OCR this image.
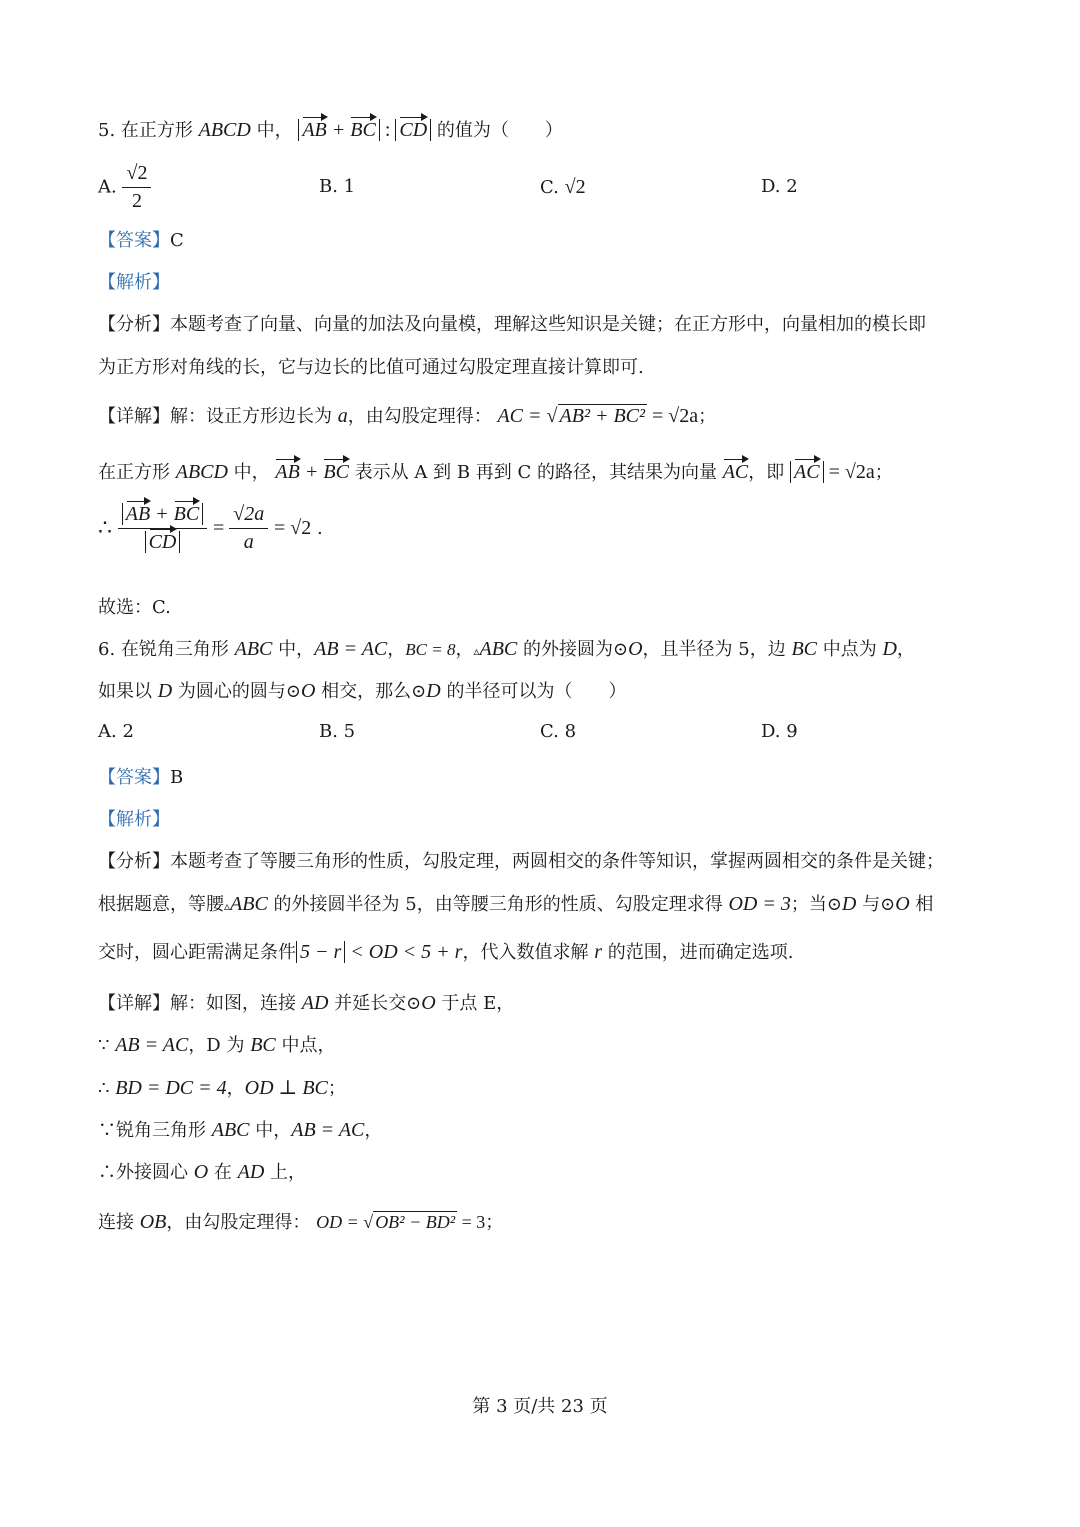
5. 在正方形 ABCD 中， AB + BC : CD 的值为（　　）
A. $\frac{√2}{2}$	B. 1	C. √2	D. 2
【答案】C
【解析】
【分析】本题考查了向量、向量的加法及向量模，理解这些知识是关键；在正方形中，向量相加的模长即
为正方形对角线的长，它与边长的比值可通过勾股定理直接计算即可.
【详解】解：设正方形边长为 a，由勾股定理得： AC = √ AB² + BC² = √2a；
在正方形 ABCD 中， AB + BC 表示从 A 到 B 再到 C 的路径，其结果为向量 AC，即 AC = √2a；
∴ $\frac{AB + BC}{CD} = \frac{√2a}{a} = √2$ .
故选：C.
6. 在锐角三角形 ABC 中，AB = AC，BC = 8，▵ABC 的外接圆为⊙O，且半径为 5，边 BC 中点为 D，
如果以 D 为圆心的圆与⊙O 相交，那么⊙D 的半径可以为（　　）
A. 2	B. 5	C. 8	D. 9
【答案】B
【解析】
【分析】本题考查了等腰三角形的性质，勾股定理，两圆相交的条件等知识，掌握两圆相交的条件是关键；
根据题意，等腰▵ABC 的外接圆半径为 5，由等腰三角形的性质、勾股定理求得 OD = 3；当⊙D 与⊙O 相
交时，圆心距需满足条件 5 − r < OD < 5 + r，代入数值求解 r 的范围，进而确定选项.
【详解】解：如图，连接 AD 并延长交⊙O 于点 E，
∵ AB = AC，D 为 BC 中点，
∴ BD = DC = 4，OD ⊥ BC；
∵锐角三角形 ABC 中，AB = AC，
∴外接圆心 O 在 AD 上，
连接 OB，由勾股定理得： OD = √ OB² − BD² = 3；
第 3 页/共 23 页
